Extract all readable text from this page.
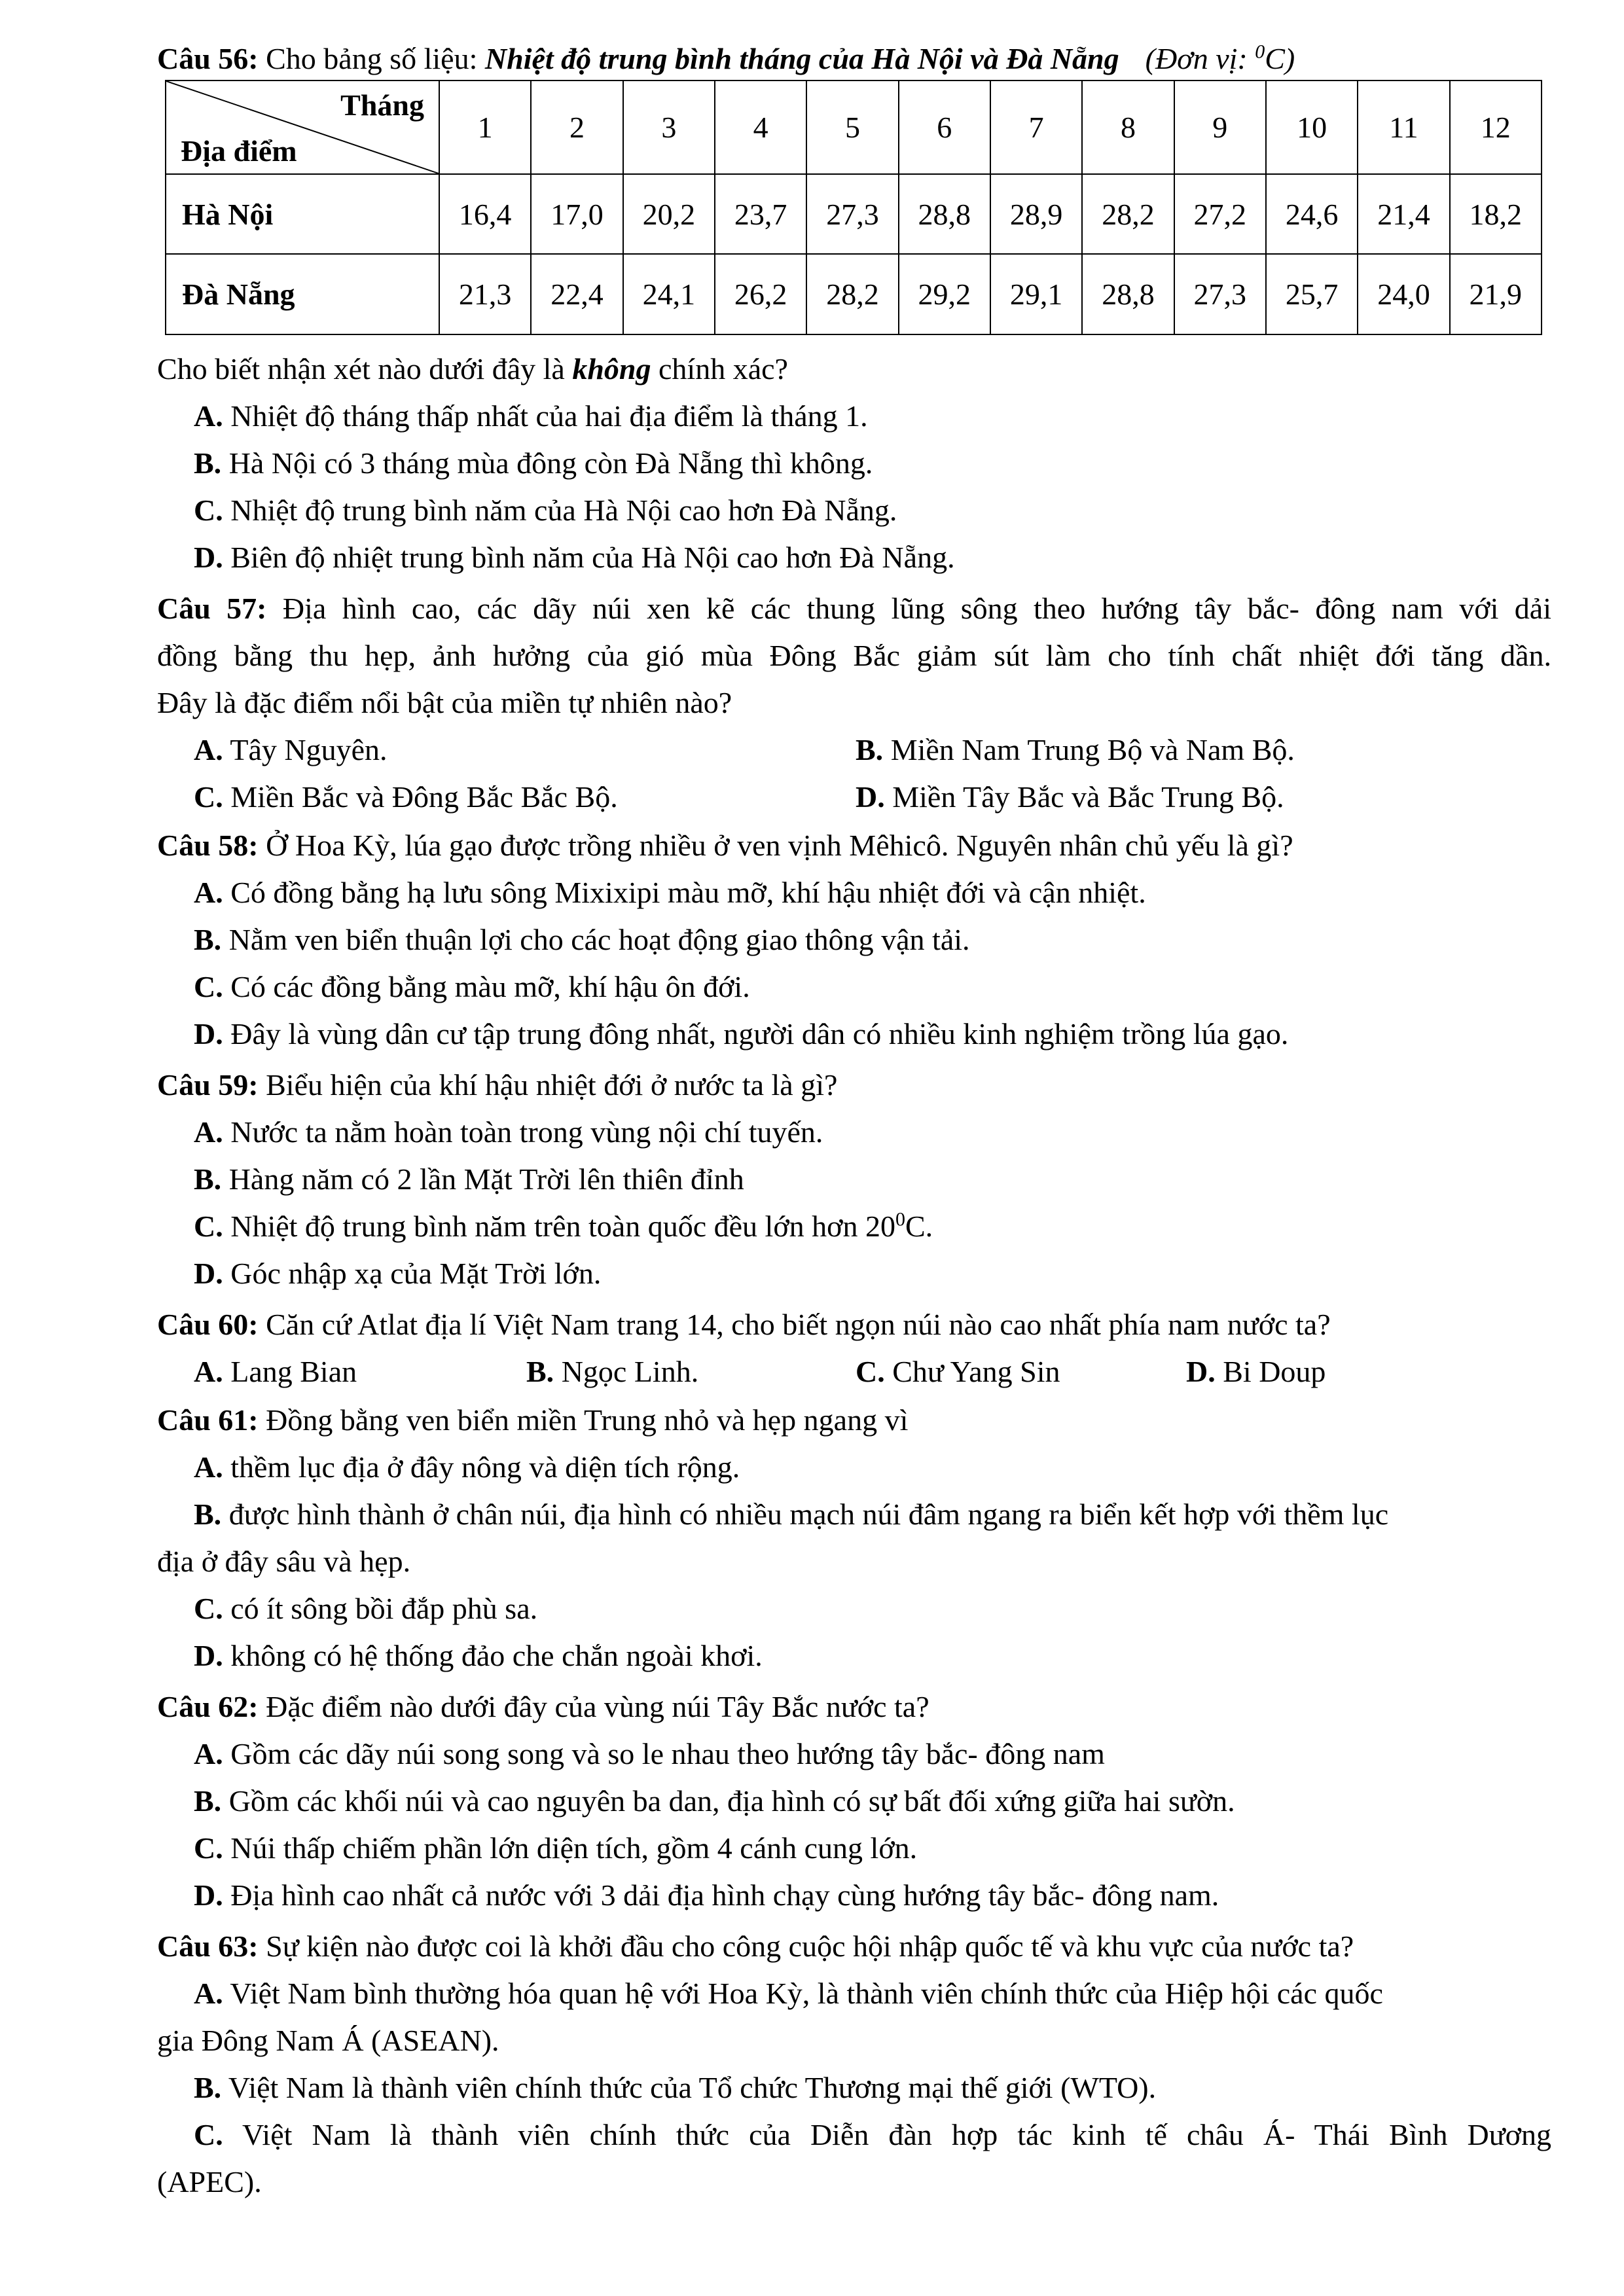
Câu 56: Cho bảng số liệu: Nhiệt độ trung bình tháng của Hà Nội và Đà Nẵng (Đơn vị: $^0$C)
Tháng
Địa điểm	1	2	3	4	5	6	7	8	9	10	11	12
Hà Nội	16,4	17,0	20,2	23,7	27,3	28,8	28,9	28,2	27,2	24,6	21,4	18,2
Đà Nẵng	21,3	22,4	24,1	26,2	28,2	29,2	29,1	28,8	27,3	25,7	24,0	21,9
Cho biết nhận xét nào dưới đây là không chính xác?
A. Nhiệt độ tháng thấp nhất của hai địa điểm là tháng 1.
B. Hà Nội có 3 tháng mùa đông còn Đà Nẵng thì không.
C. Nhiệt độ trung bình năm của Hà Nội cao hơn Đà Nẵng.
D. Biên độ nhiệt trung bình năm của Hà Nội cao hơn Đà Nẵng.
Câu 57: Địa hình cao, các dãy núi xen kẽ các thung lũng sông theo hướng tây bắc- đông nam với dải
đồng bằng thu hẹp, ảnh hưởng của gió mùa Đông Bắc giảm sút làm cho tính chất nhiệt đới tăng dần.
Đây là đặc điểm nổi bật của miền tự nhiên nào?
A. Tây Nguyên.	B. Miền Nam Trung Bộ và Nam Bộ.
C. Miền Bắc và Đông Bắc Bắc Bộ.	D. Miền Tây Bắc và Bắc Trung Bộ.
Câu 58: Ở Hoa Kỳ, lúa gạo được trồng nhiều ở ven vịnh Mêhicô. Nguyên nhân chủ yếu là gì?
A. Có đồng bằng hạ lưu sông Mixixipi màu mỡ, khí hậu nhiệt đới và cận nhiệt.
B. Nằm ven biển thuận lợi cho các hoạt động giao thông vận tải.
C. Có các đồng bằng màu mỡ, khí hậu ôn đới.
D. Đây là vùng dân cư tập trung đông nhất, người dân có nhiều kinh nghiệm trồng lúa gạo.
Câu 59: Biểu hiện của khí hậu nhiệt đới ở nước ta là gì?
A. Nước ta nằm hoàn toàn trong vùng nội chí tuyến.
B. Hàng năm có 2 lần Mặt Trời lên thiên đỉnh
C. Nhiệt độ trung bình năm trên toàn quốc đều lớn hơn $20^0C$.
D. Góc nhập xạ của Mặt Trời lớn.
Câu 60: Căn cứ Atlat địa lí Việt Nam trang 14, cho biết ngọn núi nào cao nhất phía nam nước ta?
A. Lang Bian	B. Ngọc Linh.	C. Chư Yang Sin	D. Bi Doup
Câu 61: Đồng bằng ven biển miền Trung nhỏ và hẹp ngang vì
A. thềm lục địa ở đây nông và diện tích rộng.
B. được hình thành ở chân núi, địa hình có nhiều mạch núi đâm ngang ra biển kết hợp với thềm lục
địa ở đây sâu và hẹp.
C. có ít sông bồi đắp phù sa.
D. không có hệ thống đảo che chắn ngoài khơi.
Câu 62: Đặc điểm nào dưới đây của vùng núi Tây Bắc nước ta?
A. Gồm các dãy núi song song và so le nhau theo hướng tây bắc- đông nam
B. Gồm các khối núi và cao nguyên ba dan, địa hình có sự bất đối xứng giữa hai sườn.
C. Núi thấp chiếm phần lớn diện tích, gồm 4 cánh cung lớn.
D. Địa hình cao nhất cả nước với 3 dải địa hình chạy cùng hướng tây bắc- đông nam.
Câu 63: Sự kiện nào được coi là khởi đầu cho công cuộc hội nhập quốc tế và khu vực của nước ta?
A. Việt Nam bình thường hóa quan hệ với Hoa Kỳ, là thành viên chính thức của Hiệp hội các quốc
gia Đông Nam Á (ASEAN).
B. Việt Nam là thành viên chính thức của Tổ chức Thương mại thế giới (WTO).
C. Việt Nam là thành viên chính thức của Diễn đàn hợp tác kinh tế châu Á- Thái Bình Dương
(APEC).
